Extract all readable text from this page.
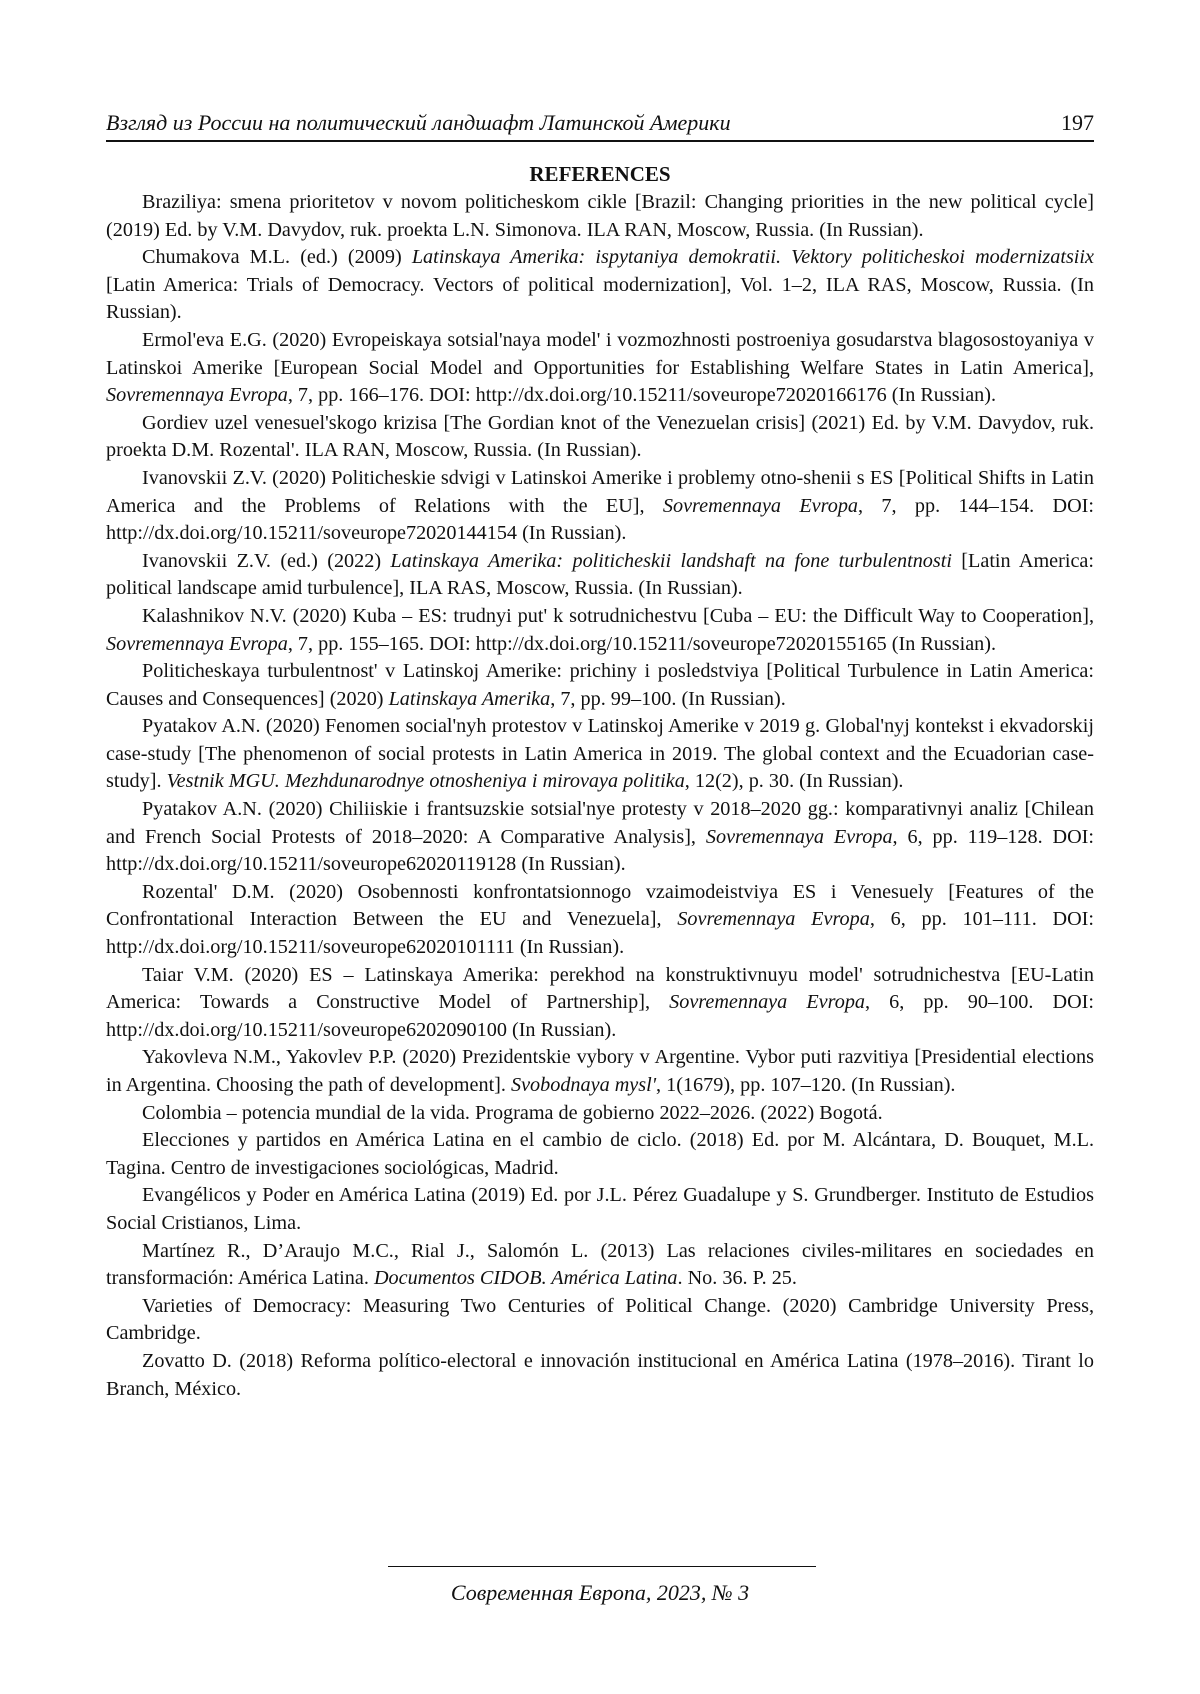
Взгляд из России на политический ландшафт Латинской Америки	197

REFERENCES

Braziliya: smena prioritetov v novom politicheskom cikle [Brazil: Changing priorities in the new political cycle] (2019) Ed. by V.M. Davydov, ruk. proekta L.N. Simonova. ILA RAN, Moscow, Russia. (In Russian).

Chumakova M.L. (ed.) (2009) Latinskaya Amerika: ispytaniya demokratii. Vektory politicheskoi modernizatsiix [Latin America: Trials of Democracy. Vectors of political modernization], Vol. 1–2, ILA RAS, Moscow, Russia. (In Russian).

Ermol'eva E.G. (2020) Evropeiskaya sotsial'naya model' i vozmozhnosti postroeniya gosudarstva blagosostoyaniya v Latinskoi Amerike [European Social Model and Opportunities for Establishing Welfare States in Latin America], Sovremennaya Evropa, 7, pp. 166–176. DOI: http://dx.doi.org/10.15211/soveurope72020166176 (In Russian).

Gordiev uzel venesuel'skogo krizisa [The Gordian knot of the Venezuelan crisis] (2021) Ed. by V.M. Davydov, ruk. proekta D.M. Rozental'. ILA RAN, Moscow, Russia. (In Russian).

Ivanovskii Z.V. (2020) Politicheskie sdvigi v Latinskoi Amerike i problemy otno-shenii s ES [Political Shifts in Latin America and the Problems of Relations with the EU], Sovremennaya Evropa, 7, pp. 144–154. DOI: http://dx.doi.org/10.15211/soveurope72020144154 (In Russian).

Ivanovskii Z.V. (ed.) (2022) Latinskaya Amerika: politicheskii landshaft na fone turbulentnosti [Latin America: political landscape amid turbulence], ILA RAS, Moscow, Russia. (In Russian).

Kalashnikov N.V. (2020) Kuba – ES: trudnyi put' k sotrudnichestvu [Cuba – EU: the Difficult Way to Cooperation], Sovremennaya Evropa, 7, pp. 155–165. DOI: http://dx.doi.org/10.15211/soveurope72020155165 (In Russian).

Politicheskaya turbulentnost' v Latinskoj Amerike: prichiny i posledstviya [Political Turbulence in Latin America: Causes and Consequences] (2020) Latinskaya Amerika, 7, pp. 99–100. (In Russian).

Pyatakov A.N. (2020) Fenomen social'nyh protestov v Latinskoj Amerike v 2019 g. Global'nyj kontekst i ekvadorskij case-study [The phenomenon of social protests in Latin America in 2019. The global context and the Ecuadorian case-study]. Vestnik MGU. Mezhdunarodnye otnosheniya i mirovaya politika, 12(2), p. 30. (In Russian).

Pyatakov A.N. (2020) Chiliiskie i frantsuzskie sotsial'nye protesty v 2018–2020 gg.: komparativnyi analiz [Chilean and French Social Protests of 2018–2020: A Comparative Analysis], Sovremennaya Evropa, 6, pp. 119–128. DOI: http://dx.doi.org/10.15211/soveurope62020119128 (In Russian).

Rozental' D.M. (2020) Osobennosti konfrontatsionnogo vzaimodeistviya ES i Venesuely [Features of the Confrontational Interaction Between the EU and Venezuela], Sovremennaya Evropa, 6, pp. 101–111. DOI: http://dx.doi.org/10.15211/soveurope62020101111 (In Russian).

Taiar V.M. (2020) ES – Latinskaya Amerika: perekhod na konstruktivnuyu model' sotrudnichestva [EU-Latin America: Towards a Constructive Model of Partnership], Sovremennaya Evropa, 6, pp. 90–100. DOI: http://dx.doi.org/10.15211/soveurope6202090100 (In Russian).

Yakovleva N.M., Yakovlev P.P. (2020) Prezidentskie vybory v Argentine. Vybor puti razvitiya [Presidential elections in Argentina. Choosing the path of development]. Svobodnaya mysl', 1(1679), pp. 107–120. (In Russian).

Colombia – potencia mundial de la vida. Programa de gobierno 2022–2026. (2022) Bogotá.

Elecciones y partidos en América Latina en el cambio de ciclo. (2018) Ed. por M. Alcántara, D. Bouquet, M.L. Tagina. Centro de investigaciones sociológicas, Madrid.

Evangélicos y Poder en América Latina (2019) Ed. por J.L. Pérez Guadalupe y S. Grundberger. Instituto de Estudios Social Cristianos, Lima.

Martínez R., D’Araujo M.C., Rial J., Salomón L. (2013) Las relaciones civiles-militares en sociedades en transformación: América Latina. Documentos CIDOB. América Latina. No. 36. P. 25.

Varieties of Democracy: Measuring Two Centuries of Political Change. (2020) Cambridge University Press, Cambridge.

Zovatto D. (2018) Reforma político-electoral e innovación institucional en América Latina (1978–2016). Tirant lo Branch, México.

Современная Европа, 2023, № 3
